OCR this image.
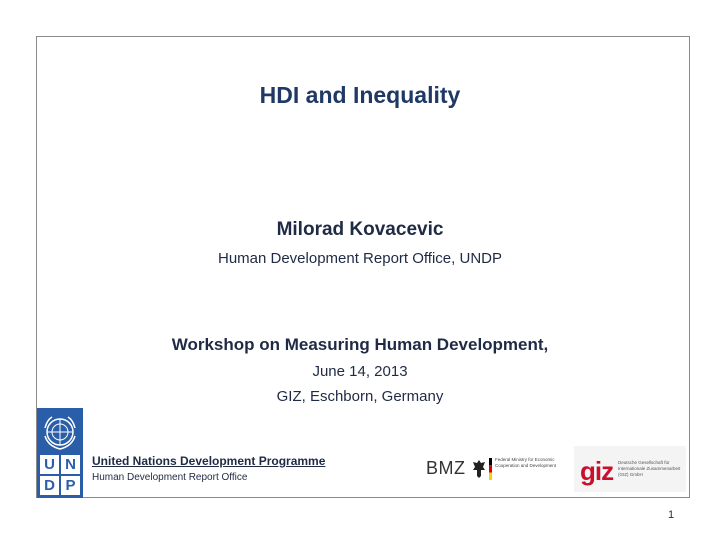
HDI and Inequality
Milorad Kovacevic
Human Development Report Office, UNDP
Workshop on Measuring Human Development,
June 14, 2013
GIZ, Eschborn, Germany
U N
D P
United Nations Development Programme
Human Development Report Office	BMZ	Federal Ministry for Economic Cooperation and Development giz Deutsche Gesellschaft für Internationale Zusammenarbeit (GIZ) GmbH
1
